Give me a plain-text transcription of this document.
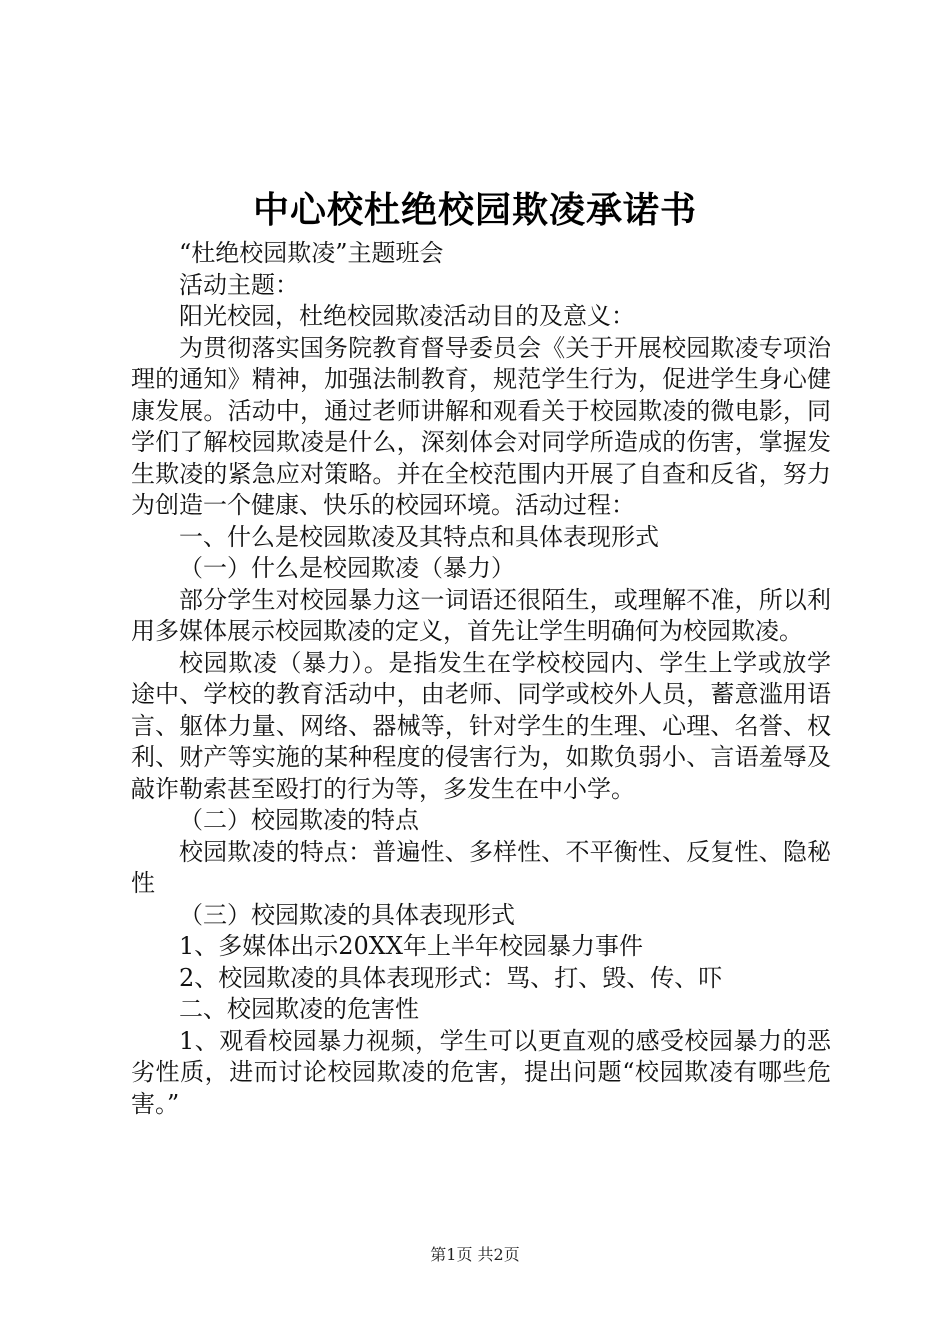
中心校杜绝校园欺凌承诺书

“杜绝校园欺凌”主题班会

活动主题：

阳光校园，杜绝校园欺凌活动目的及意义：

为贯彻落实国务院教育督导委员会《关于开展校园欺凌专项治理的通知》精神，加强法制教育，规范学生行为，促进学生身心健康发展。活动中，通过老师讲解和观看关于校园欺凌的微电影，同学们了解校园欺凌是什么，深刻体会对同学所造成的伤害，掌握发生欺凌的紧急应对策略。并在全校范围内开展了自查和反省，努力为创造一个健康、快乐的校园环境。活动过程：

一、什么是校园欺凌及其特点和具体表现形式

（一）什么是校园欺凌（暴力）

部分学生对校园暴力这一词语还很陌生，或理解不准，所以利用多媒体展示校园欺凌的定义，首先让学生明确何为校园欺凌。

校园欺凌（暴力）。是指发生在学校校园内、学生上学或放学途中、学校的教育活动中，由老师、同学或校外人员，蓄意滥用语言、躯体力量、网络、器械等，针对学生的生理、心理、名誉、权利、财产等实施的某种程度的侵害行为，如欺负弱小、言语羞辱及敲诈勒索甚至殴打的行为等，多发生在中小学。

（二）校园欺凌的特点

校园欺凌的特点：普遍性、多样性、不平衡性、反复性、隐秘性

（三）校园欺凌的具体表现形式

1、多媒体出示20XX年上半年校园暴力事件

2、校园欺凌的具体表现形式：骂、打、毁、传、吓

二、校园欺凌的危害性

1、观看校园暴力视频，学生可以更直观的感受校园暴力的恶劣性质，进而讨论校园欺凌的危害，提出问题“校园欺凌有哪些危害。”

第1页 共2页
